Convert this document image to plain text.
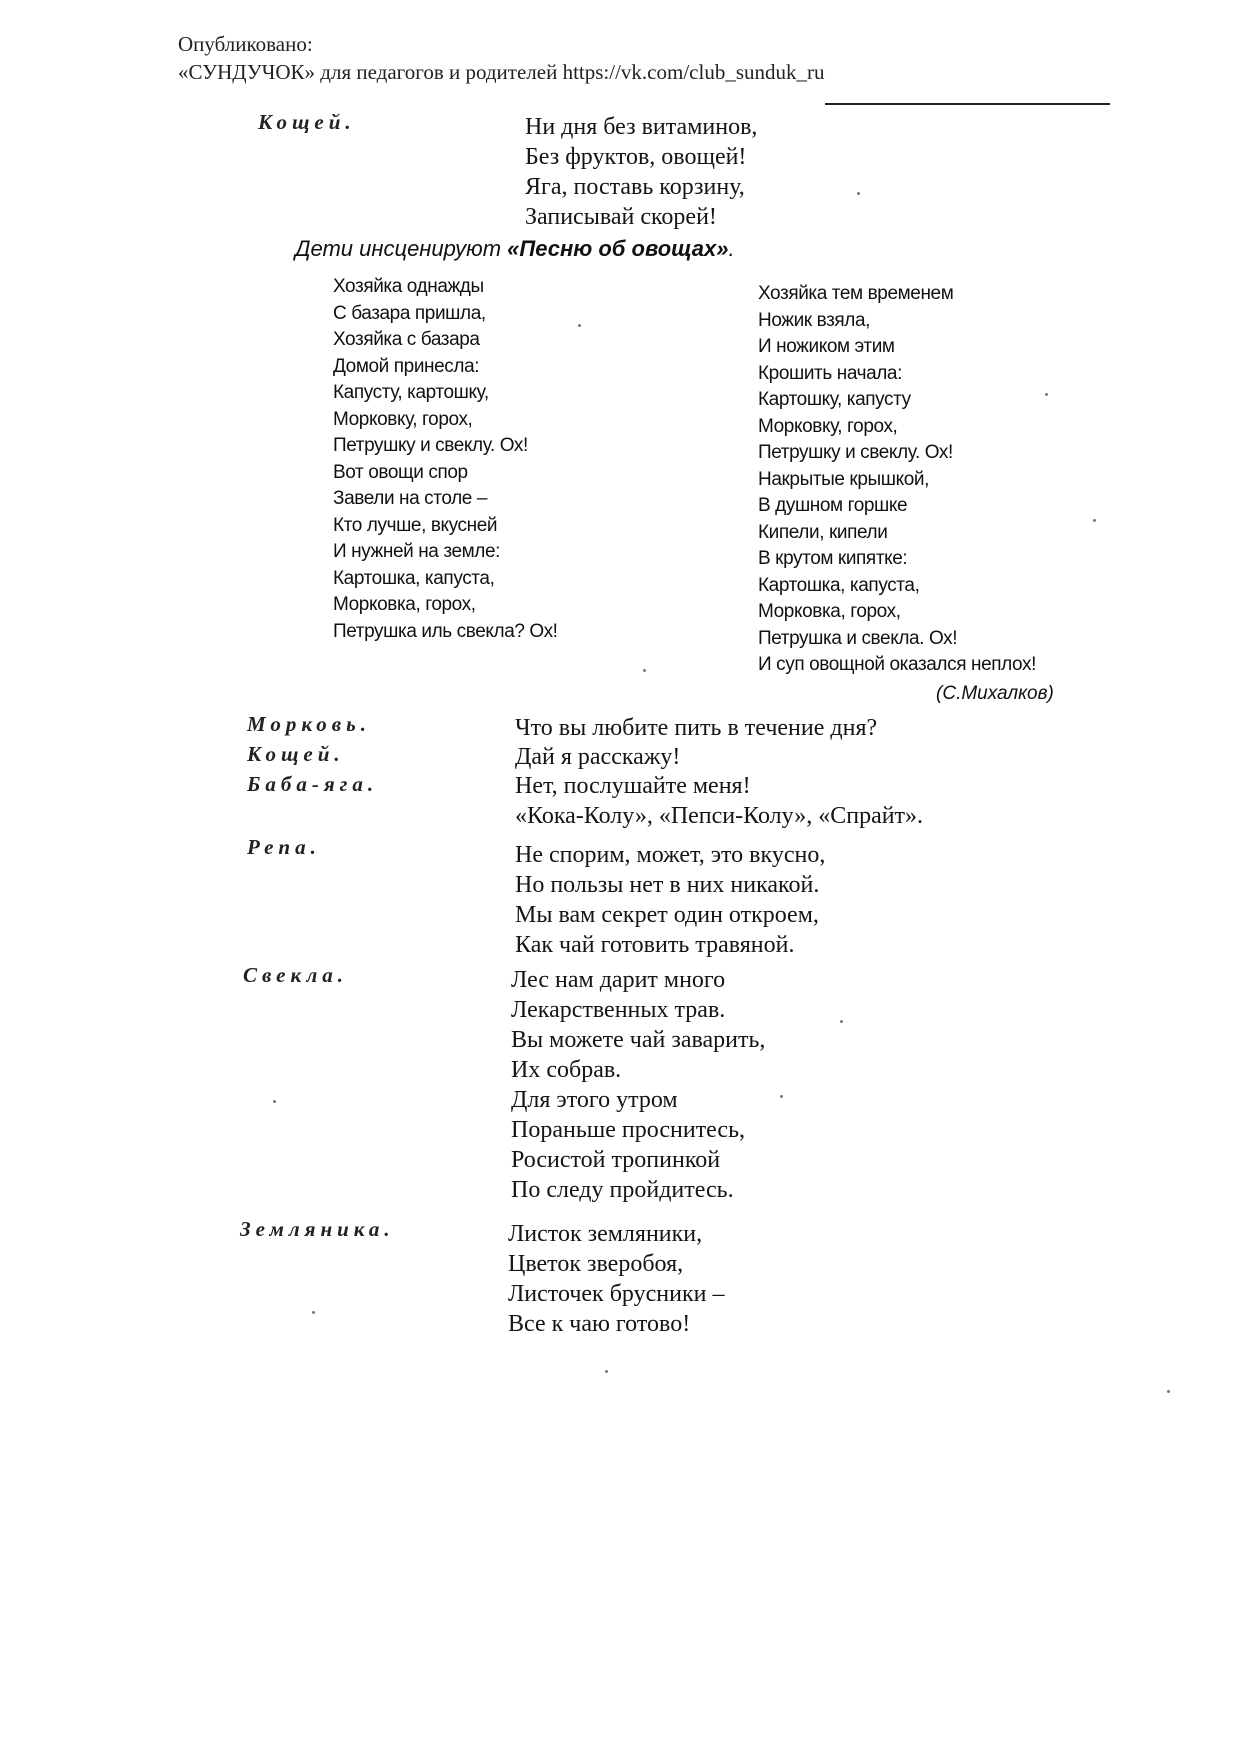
Опубликовано:
«СУНДУЧОК» для педагогов и родителей https://vk.com/club_sunduk_ru
Кощей.	Ни дня без витаминов,
Без фруктов, овощей!
Яга, поставь корзину,
Записывай скорей!
Дети инсценируют «Песню об овощах».
Хозяйка однажды
С базара пришла,
Хозяйка с базара
Домой принесла:
Капусту, картошку,
Морковку, горох,
Петрушку и свеклу. Ох!
Вот овощи спор
Завели на столе –
Кто лучше, вкусней
И нужней на земле:
Картошка, капуста,
Морковка, горох,
Петрушка иль свекла? Ох!
Хозяйка тем временем
Ножик взяла,
И ножиком этим
Крошить начала:
Картошку, капусту
Морковку, горох,
Петрушку и свеклу. Ох!
Накрытые крышкой,
В душном горшке
Кипели, кипели
В крутом кипятке:
Картошка, капуста,
Морковка, горох,
Петрушка и свекла. Ох!
И суп овощной оказался неплох!
(С.Михалков)
Морковь.	Что вы любите пить в течение дня?
Кощей.	Дай я расскажу!
Баба-яга.	Нет, послушайте меня!
«Кока-Колу», «Пепси-Колу», «Спрайт».
Репа.	Не спорим, может, это вкусно,
Но пользы нет в них никакой.
Мы вам секрет один откроем,
Как чай готовить травяной.
Свекла.	Лес нам дарит много
Лекарственных трав.
Вы можете чай заварить,
Их собрав.
Для этого утром
Пораньше проснитесь,
Росистой тропинкой
По следу пройдитесь.
Земляника.	Листок земляники,
Цветок зверобоя,
Листочек брусники –
Все к чаю готово!
